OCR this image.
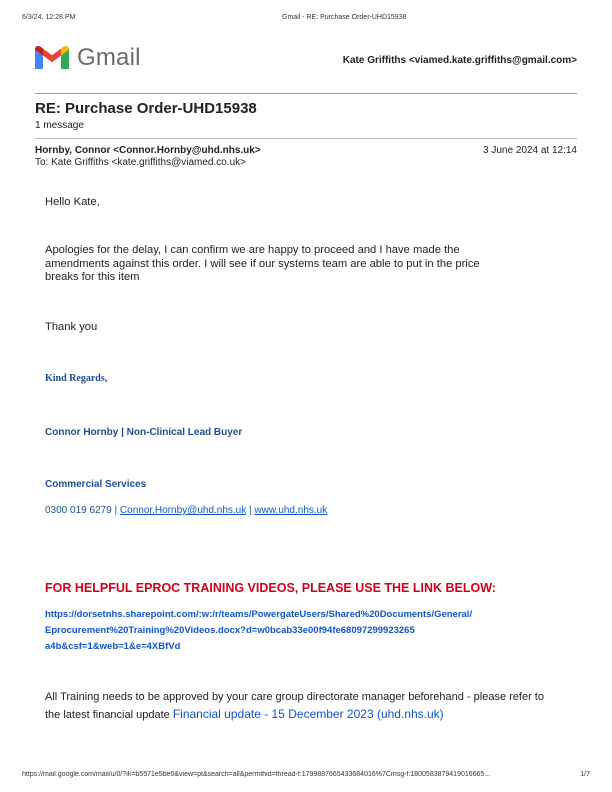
6/3/24, 12:28 PM	Gmail - RE: Purchase Order-UHD15938
Gmail	Kate Griffiths <viamed.kate.griffiths@gmail.com>
RE: Purchase Order-UHD15938
1 message
Hornby, Connor <Connor.Hornby@uhd.nhs.uk>	3 June 2024 at 12:14
To: Kate Griffiths <kate.griffiths@viamed.co.uk>
Hello Kate,
Apologies for the delay, I can confirm we are happy to proceed and I have made the
amendments against this order. I will see if our systems team are able to put in the price
breaks for this item
Thank you
Kind Regards,
Connor Hornby | Non-Clinical Lead Buyer
Commercial Services
0300 019 6279 | Connor.Hornby@uhd.nhs.uk | www.uhd.nhs.uk
FOR HELPFUL EPROC TRAINING VIDEOS, PLEASE USE THE LINK BELOW:
https://dorsetnhs.sharepoint.com/:w:/r/teams/PowergateUsers/Shared%20Documents/General/
Eprocurement%20Training%20Videos.docx?d=w0bcab33e00f94fe68097299923265
a4b&csf=1&web=1&e=4XBfVd
All Training needs to be approved by your care group directorate manager beforehand - please refer to
the latest financial update Financial update - 15 December 2023 (uhd.nhs.uk)
https://mail.google.com/mail/u/0/?ik=b5571e5be0&view=pt&search=all&permthid=thread-f:1799887665433684016%7Cmsg-f:1800583879419016665...	1/7
